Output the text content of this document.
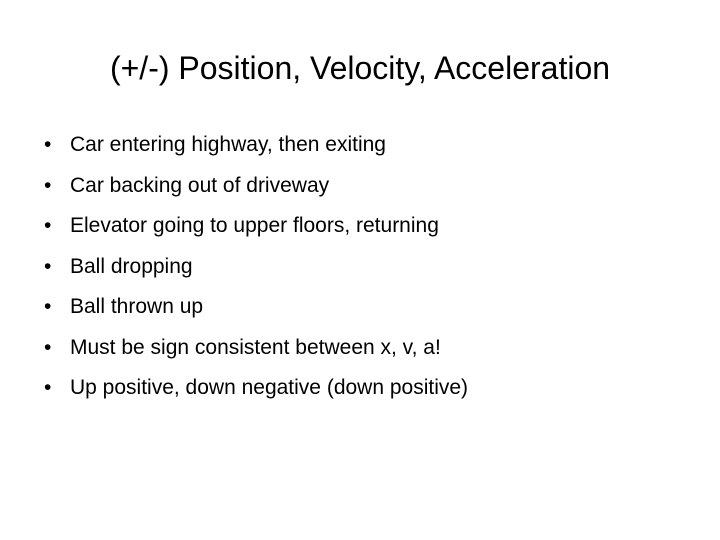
(+/-) Position, Velocity, Acceleration
• Car entering highway, then exiting
• Car backing out of driveway
• Elevator going to upper floors, returning
• Ball dropping
• Ball thrown up
• Must be sign consistent between x, v, a!
• Up positive, down negative (down positive)
